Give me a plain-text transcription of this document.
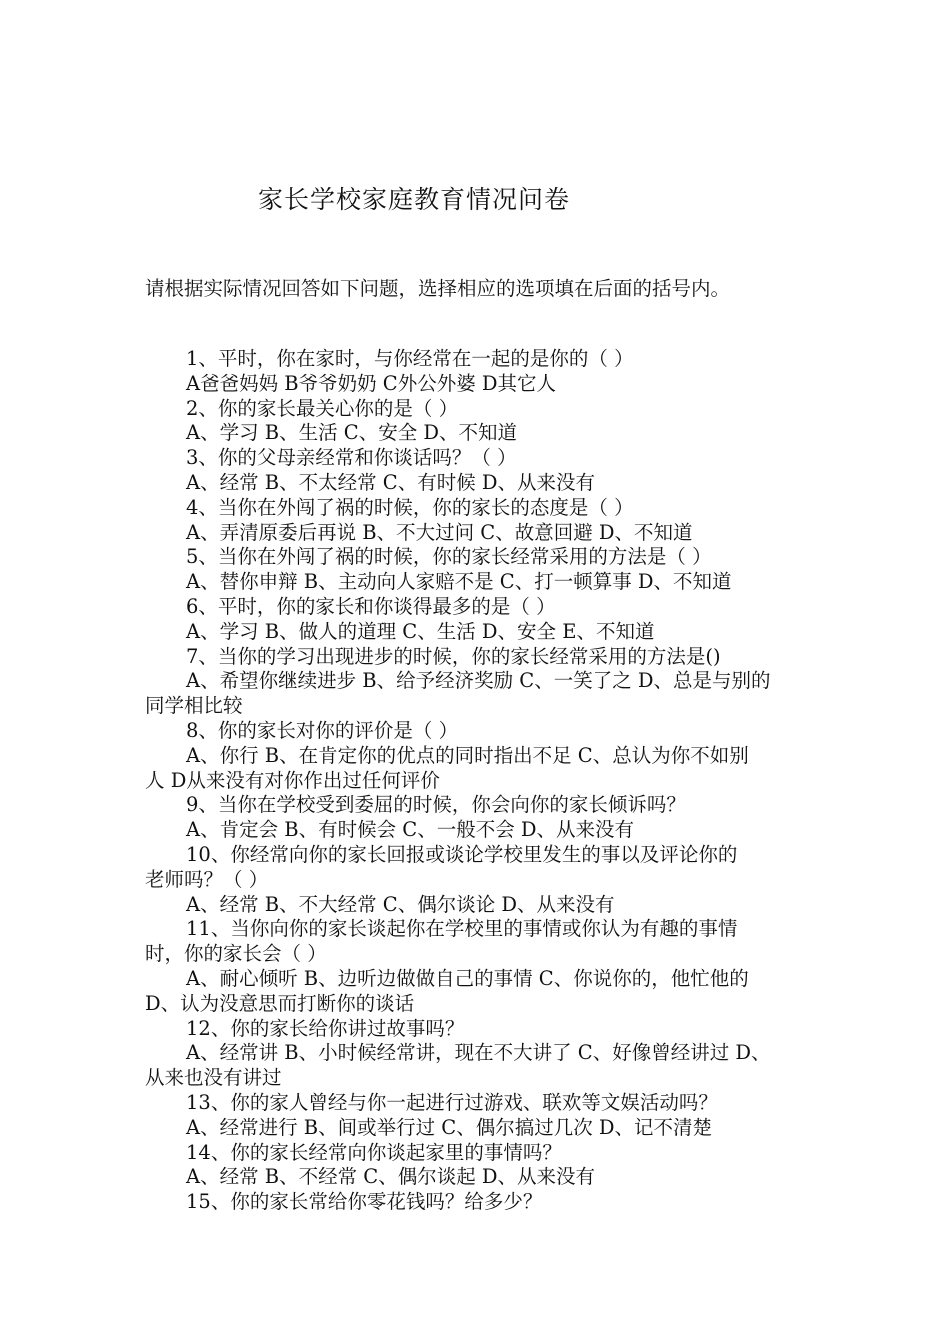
家长学校家庭教育情况问卷
请根据实际情况回答如下问题，选择相应的选项填在后面的括号内。
1、平时，你在家时，与你经常在一起的是你的（ ）
A爸爸妈妈 B爷爷奶奶 C外公外婆 D其它人
2、你的家长最关心你的是（ ）
A、学习 B、生活 C、安全 D、不知道
3、你的父母亲经常和你谈话吗？（ ）
A、经常 B、不太经常 C、有时候 D、从来没有
4、当你在外闯了祸的时候，你的家长的态度是（ ）
A、弄清原委后再说 B、不大过问 C、故意回避 D、不知道
5、当你在外闯了祸的时候，你的家长经常采用的方法是（ ）
A、替你申辩 B、主动向人家赔不是 C、打一顿算事 D、不知道
6、平时，你的家长和你谈得最多的是（ ）
A、学习 B、做人的道理 C、生活 D、安全 E、不知道
7、当你的学习出现进步的时候，你的家长经常采用的方法是()
A、希望你继续进步 B、给予经济奖励 C、一笑了之 D、总是与别的
同学相比较
8、你的家长对你的评价是（ ）
A、你行 B、在肯定你的优点的同时指出不足 C、总认为你不如别
人 D从来没有对你作出过任何评价
9、当你在学校受到委屈的时候，你会向你的家长倾诉吗？
A、肯定会 B、有时候会 C、一般不会 D、从来没有
10、你经常向你的家长回报或谈论学校里发生的事以及评论你的
老师吗？（ ）
A、经常 B、不大经常 C、偶尔谈论 D、从来没有
11、当你向你的家长谈起你在学校里的事情或你认为有趣的事情
时，你的家长会（ ）
A、耐心倾听 B、边听边做做自己的事情 C、你说你的，他忙他的
D、认为没意思而打断你的谈话
12、你的家长给你讲过故事吗？
A、经常讲 B、小时候经常讲，现在不大讲了 C、好像曾经讲过 D、
从来也没有讲过
13、你的家人曾经与你一起进行过游戏、联欢等文娱活动吗？
A、经常进行 B、间或举行过 C、偶尔搞过几次 D、记不清楚
14、你的家长经常向你谈起家里的事情吗？
A、经常 B、不经常 C、偶尔谈起 D、从来没有
15、你的家长常给你零花钱吗？给多少？
